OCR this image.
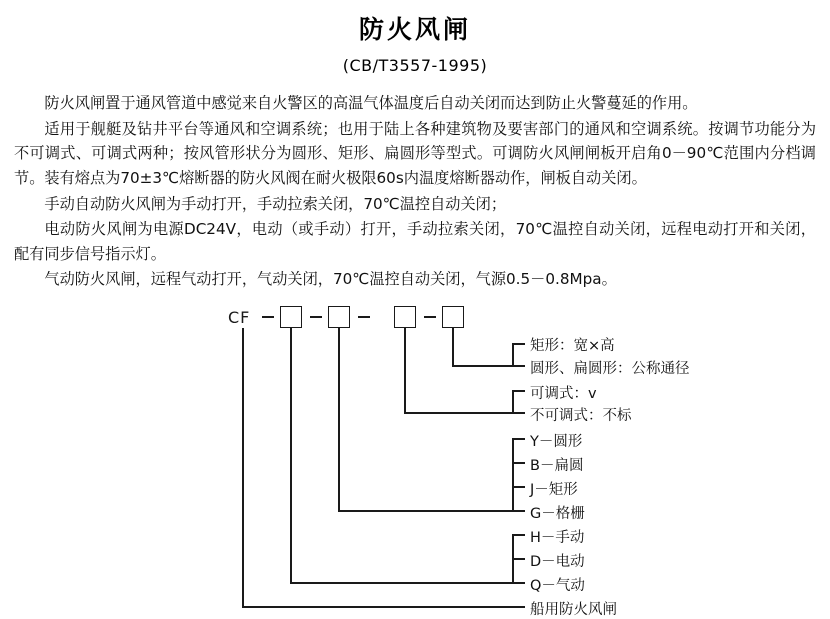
防火风闸
(CB/T3557-1995)
防火风闸置于通风管道中感觉来自火警区的高温气体温度后自动关闭而达到防止火警蔓延的作用。
适用于舰艇及钻井平台等通风和空调系统；也用于陆上各种建筑物及要害部门的通风和空调系统。按调节功能分为不可调式、可调式两种；按风管形状分为圆形、矩形、扁圆形等型式。可调防火风闸闸板开启角0－90℃范围内分档调节。装有熔点为70±3℃熔断器的防火风阀在耐火极限60s内温度熔断器动作，闸板自动关闭。
手动自动防火风闸为手动打开，手动拉索关闭，70℃温控自动关闭；
电动防火风闸为电源DC24V，电动（或手动）打开，手动拉索关闭，70℃温控自动关闭，远程电动打开和关闭，配有同步信号指示灯。
气动防火风闸，远程气动打开，气动关闭，70℃温控自动关闭，气源0.5－0.8Mpa。
CF
矩形：宽×高
圆形、扁圆形：公称通径
可调式：v
不可调式：不标
Y－圆形
B－扁圆
J－矩形
G－格栅
H－手动
D－电动
Q－气动
船用防火风闸
